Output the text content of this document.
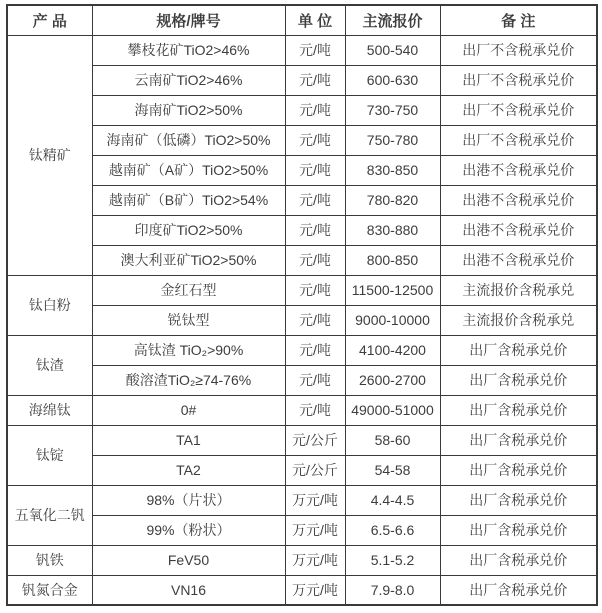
产 品	规格/牌号	单 位	主流报价	备 注
钛精矿	攀枝花矿TiO2>46%	元/吨	500-540	出厂不含税承兑价
	云南矿TiO2>46%	元/吨	600-630	出厂不含税承兑价
	海南矿TiO2>50%	元/吨	730-750	出厂不含税承兑价
	海南矿（低磷）TiO2>50%	元/吨	750-780	出厂不含税承兑价
	越南矿（A矿）TiO2>50%	元/吨	830-850	出港不含税承兑价
	越南矿（B矿）TiO2>54%	元/吨	780-820	出港不含税承兑价
	印度矿TiO2>50%	元/吨	830-880	出港不含税承兑价
	澳大利亚矿TiO2>50%	元/吨	800-850	出港不含税承兑价
钛白粉	金红石型	元/吨	11500-12500	主流报价含税承兑
	锐钛型	元/吨	9000-10000	主流报价含税承兑
钛渣	高钛渣 TiO₂>90%	元/吨	4100-4200	出厂含税承兑价
	酸溶渣TiO₂≥74-76%	元/吨	2600-2700	出厂含税承兑价
海绵钛	0#	元/吨	49000-51000	出厂含税承兑价
钛锭	TA1	元/公斤	58-60	出厂含税承兑价
	TA2	元/公斤	54-58	出厂含税承兑价
五氧化二钒	98%（片状）	万元/吨	4.4-4.5	出厂含税承兑价
	99%（粉状）	万元/吨	6.5-6.6	出厂含税承兑价
钒铁	FeV50	万元/吨	5.1-5.2	出厂含税承兑价
钒氮合金	VN16	万元/吨	7.9-8.0	出厂含税承兑价
